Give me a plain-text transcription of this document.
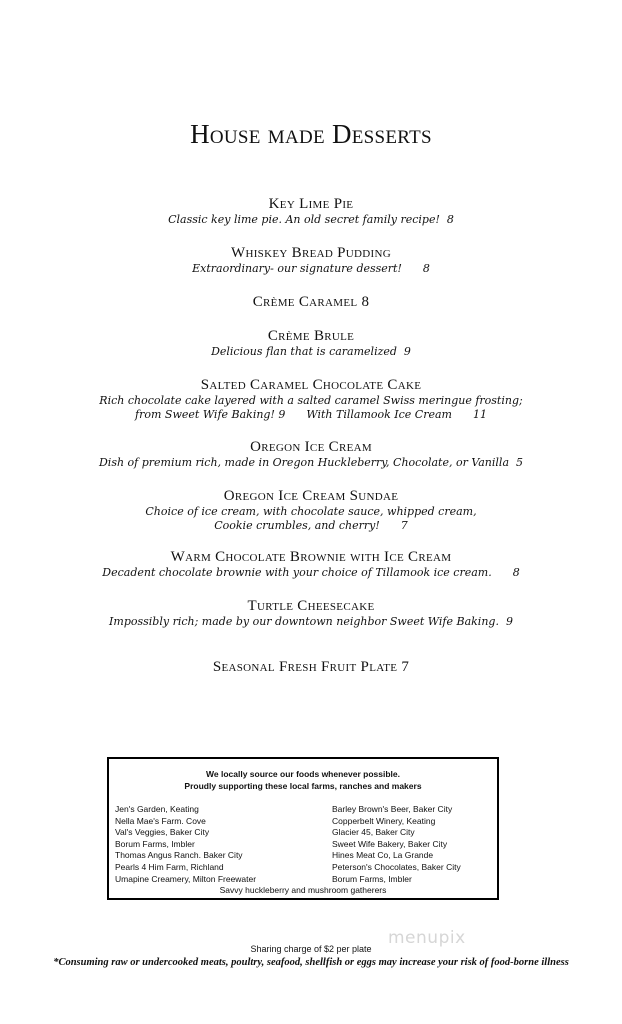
House made Desserts
Key Lime Pie
Classic key lime pie. An old secret family recipe!  8
Whiskey Bread Pudding
Extraordinary- our signature dessert!      8
Crème Caramel 8
Crème Brule
Delicious flan that is caramelized  9
Salted Caramel Chocolate Cake
Rich chocolate cake layered with a salted caramel Swiss meringue frosting;
from Sweet Wife Baking! 9      With Tillamook Ice Cream      11
Oregon Ice Cream
Dish of premium rich, made in Oregon Huckleberry, Chocolate, or Vanilla  5
Oregon Ice Cream Sundae
Choice of ice cream, with chocolate sauce, whipped cream,
Cookie crumbles, and cherry!      7
Warm Chocolate Brownie with Ice Cream
Decadent chocolate brownie with your choice of Tillamook ice cream.      8
Turtle Cheesecake
Impossibly rich; made by our downtown neighbor Sweet Wife Baking.  9
Seasonal Fresh Fruit Plate 7
We locally source our foods whenever possible.
Proudly supporting these local farms, ranches and makers
Jen's Garden, Keating
Nella Mae's Farm. Cove
Val's Veggies, Baker City
Borum Farms, Imbler
Thomas Angus Ranch. Baker City
Pearls 4 Him Farm, Richland
Umapine Creamery, Milton Freewater
Barley Brown's Beer, Baker City
Copperbelt Winery, Keating
Glacier 45, Baker City
Sweet Wife Bakery, Baker City
Hines Meat Co, La Grande
Peterson's Chocolates, Baker City
Borum Farms, Imbler
Savvy huckleberry and mushroom gatherers
menupix
Sharing charge of $2 per plate
*Consuming raw or undercooked meats, poultry, seafood, shellfish or eggs may increase your risk of food-borne illness
